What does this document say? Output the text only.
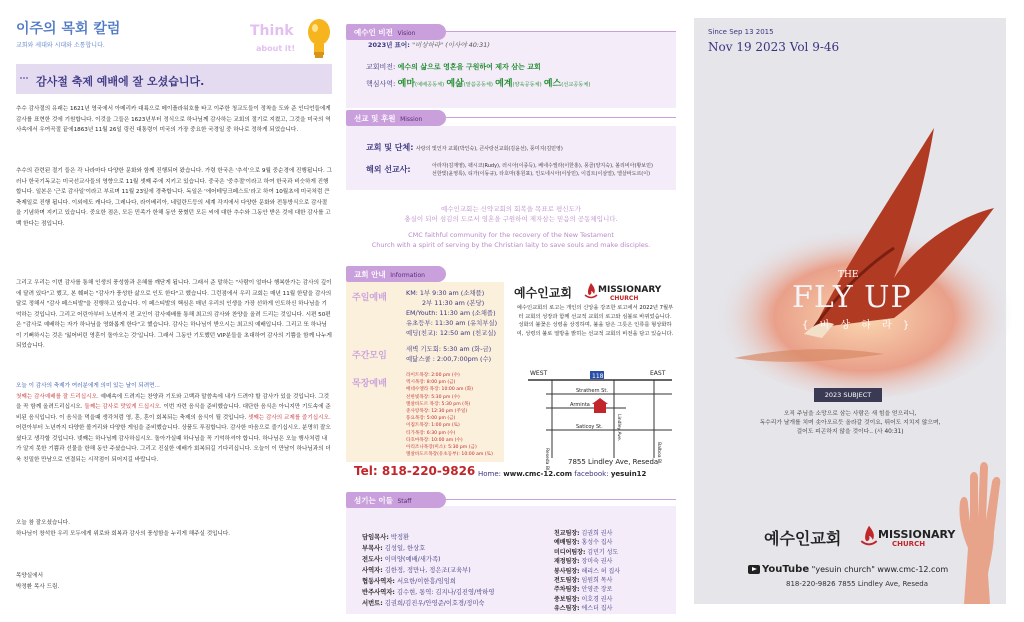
이주의 목회 칼럼
교회와 세대와 시대와 소통합니다.
Think
about it!
감사절 축제 예배에 잘 오셨습니다.
추수 감사절의 유래는 1621년 영국에서 아메리카 대륙으로 메이플라워호를 타고 이주한 청교도들이 정착을 도와 준 인디언들에게 감사를 표현한 것에 기원합니다. 이것을 그들은 1623년부터 정식으로 하나님께 감사하는 교회의 절기로 지켰고, 그것을 미국의 역사속에서 우여곡절 끝에1863년 11월 26일 링컨 대통령이 미국의 가장 중요한 국경일 중 하나로 정하게 되었습니다.
추수의 관련된 절기 들은 각 나라마다 다양한 문화와 함께 진행되어 왔습니다. 가령 한국은 '추석'으로 9월 중순경에 진행됩니다. 그러나 한국기독교는 미국선교사들의 영향으로 11월 셋째 주에 지키고 있습니다. 중국은 '중추절'이라고 하여 한국과 비슷하게 진행합니다. 일본은 '근로 감사일'이라고 부르며 11월 23일에 경축합니다. 독일은 '에어테딩크페스트'라고 하여 10월초에 미국처럼 큰 축제일로 진행 됩니다. 이외에도 캐나다, 그레나다, 라이베리아, 네덜란드등의 세계 각지에서 다양한 문화와 전통방식으로 감사절을 기념하며 지키고 있습니다. 중요한 점은, 모든 민족가 한해 동안 풍혔던 모든 씨에 대한 추수와 그동안 받은 것에 대한 감사를 고백 한다는 점입니다.
그리고 우리는 이번 감사를 통해 인생의 풍성함과 은혜를 깨닫게 됩니다. 그래서 준 말하는 "사람이 얼마나 행복한가는 감사의 깊이에 달려 있다"고 했고, 본 훼퍼는 "감사가 풍성한 삶으로 인도 한다"고 했습니다. 그런점에서 우리 교회는 매년 11월 한달을 감사의 달로 정해서 "감사 페스티발"을 진행하고 있습니다. 이 페스티발의 핵심은 매년 우리의 인생을 가장 선하게 인도하신 하나님을 기억하는 것입니다. 그리고 어린아부터 노년까지 전 교인이 감사예배를 통해 최고의 감사와 찬양을 올려 드리는 것입니다. 시편 50편은 "감사로 예배하는 자가 하나님을 영화롭게 한다"고 했습니다. 감사는 하나님이 받으시는 최고의 예배입니다. 그리고 또 하나님이 기뻐하시는 것은 '잃어버린 영혼이 돌아오는 것'입니다. 그래서 그동안 기도했던 VIP분들을 초대하여 감사의 기쁨을 함께 나누게 되었습니다.
오늘 이 감사의 축제가 여러분에게 의미 있는 날이 되려면...
첫째는 감사예배를 잘 드리십시오. 예배속에 드려지는 찬양과 기도와 고백과 말씀속에 내가 드려야 할 감사가 있을 것입니다. 그것을 꼭 함께 올려드리십시오. 둘째는 감사로 맛있게 드십시오. 이번 자련 음식을 준비했습니다. 대단한 음식은 아니지만 기도속에 준비된 음식입니다. 이 음식을 먹을때 생각처럼 영, 혼, 혼이 회복되는 축제의 음식이 될 것입니다. 셋째는 감사의 교제를 즐기십시오. 어린아부터 노년까지 다양한 볼거리와 다양한 게임을 준비했습니다. 상품도 푸짐합니다. 감사한 마음으로 즐기십시오. 분명히 잘오셨다고 생각할 것입니다. 넷째는 하나님께 감사하십시오. 돌아가실때 하나님을 꼭 기억하셔야 합니다. 하나님은 오늘 행사처럼 내가 알지 못한 기쁨과 선물을 한해 동안 주셨습니다. 그리고 진실한 예배가 회복되길 기다리십니다. 오늘이 이 만남이 하나님과의 더욱 친밀한 만남으로 연결되는 시작점이 되어지길 바랍니다.
오늘 참 잘오셨습니다.
하나님이 창석한 우리 모두에게 위로와 회복과 감사의 풍성함을 누리게 해주실 것입니다.
목양실에서
박정환 목사 드림.
2023년 표어: "비상하라" (이사야 40:31)
교회비전: 예수의 삶으로 영혼을 구원하여 제자 삼는 교회
핵심사역: 예마(예배공동체) 예삶(말씀공동체) 예계(양육공동체) 예스(선교공동체)
예수인 비전 Vision
교회 및 단체: 사랑의 빛인자 교회(박인숙), 큰사랑선교회(김윤선), 풍미지(김민영)
해외 선교사:	아라자(김재영), 팩시코(Rudy), 러시아(이종득), 베네수엘라(이한홍), 몽골(양지숙), 볼리비아(황보민)
선한빛(윤영록), 티가(이동규), 타호마(홍원표), 인도네시아(이상민), 이집트(이삼열), 엘살바도르(이)
선교 및 후원 Mission
예수인교회는 신약교회의 회복을 목표로 평신도가
충실이 되어 섬김의 도로서 영혼을 구원하여 제자삼는 믿음의 공동체입니다.
CMC faithful community for the recovery of the New Testament
Church with a spirit of serving by the Christian laity to save souls and make disciples.
교회 안내 Information
주일예배	KM: 1부 9:30 am (소채플)
2부 11:30 am (본당)
EM/Youth: 11:30 am (소채플)
유초등부: 11:30 am (유치부실)
예딩(친교): 12:50 am (친교실)
주간모임
새벽 기도회: 5:30 am (화-금)
예닮스쿨 : 2:00,7:00pm (수)
목장예배
라이트목장: 2:00 pm (수)
엑시목장: 8:00 pm (금)
베네수엘라 목장: 10:00 am (화)
선한빛목장: 5:30 pm (수)
엘살바도르 목장: 5:30 pm (목)
준사랑목장: 12:30 pm (주일)
풍요목장: 5:00 pm (금)
이집트목장: 1:00 pm (토)
티가목장: 6:30 pm (수)
타호마목장: 10:00 am (수)
아리조나목장(미소): 5:30 pm (금)
엘살바도르목장(유초등부): 10:00 am (토)
예수인교회	MISSIONARY
CHURCH
예수인교회의 로고는 개인의 신앙을 강조한 로고에서 2022년 7월부터 교회의 성장과 함께 선교적 교회의 로고와 심볼로 바뀌었습니다. 성화의 불꽃은 성령을 상징하며, 불을 담은 그릇은 인류를 형상화하여, 성령의 불로 열방을 밝히는 선교적 교회의 비전을 담고 있습니다.
WEST	EAST
118
Strathern St.
Arminta
Saticoy St.
Reseda Bl.
Lindley Ave.
Balboa Bl.
7855 Lindley Ave, Reseda
Tel: 818-220-9826 Home: www.cmc-12.com facebook: yesuin12
담임목사: 박정환
부목사: 김성일, 한상호
전도사: 이미양(예배/새가족)
사역자: 김한정, 정만나, 정은조(교육부)
협동사역자: 서요한/이한흥/임임희
반주사역자: 김수현, 통역: 김지나/김진영/박하영
서번트: 김권희/김진우/안영준/이호경/정미숙
친교팀장: 김권희 권사
예배팀장: 홍성수 집사
미디어팀장: 김민기 성도
재정팀장: 장미숙 권사
봉사팀장: 해리스 허 집사
전도팀장: 임원희 목사
주차팀장: 안영준 장로
중보팀장: 이호경 권사
유스팀장: 에스더 집사
섬기는 이들 Staff
Since Sep 13 2015
Nov 19 2023 Vol 9-46
THE
FLY UP
{ 비 상 하 라 }
2023 SUBJECT
오직 주님을 소망으로 삼는 사람은 새 힘을 얻으리니,
독수리가 날개를 치며 솟아오르듯 올라갈 것이요, 뛰어도 지치지 않으며,
걸어도 피곤하지 않을 것이다.. (사 40:31)
예수인교회	MISSIONARY
CHURCH
YouTube "yesuin church" www.cmc-12.com
818-220-9826 7855 Lindley Ave, Reseda
